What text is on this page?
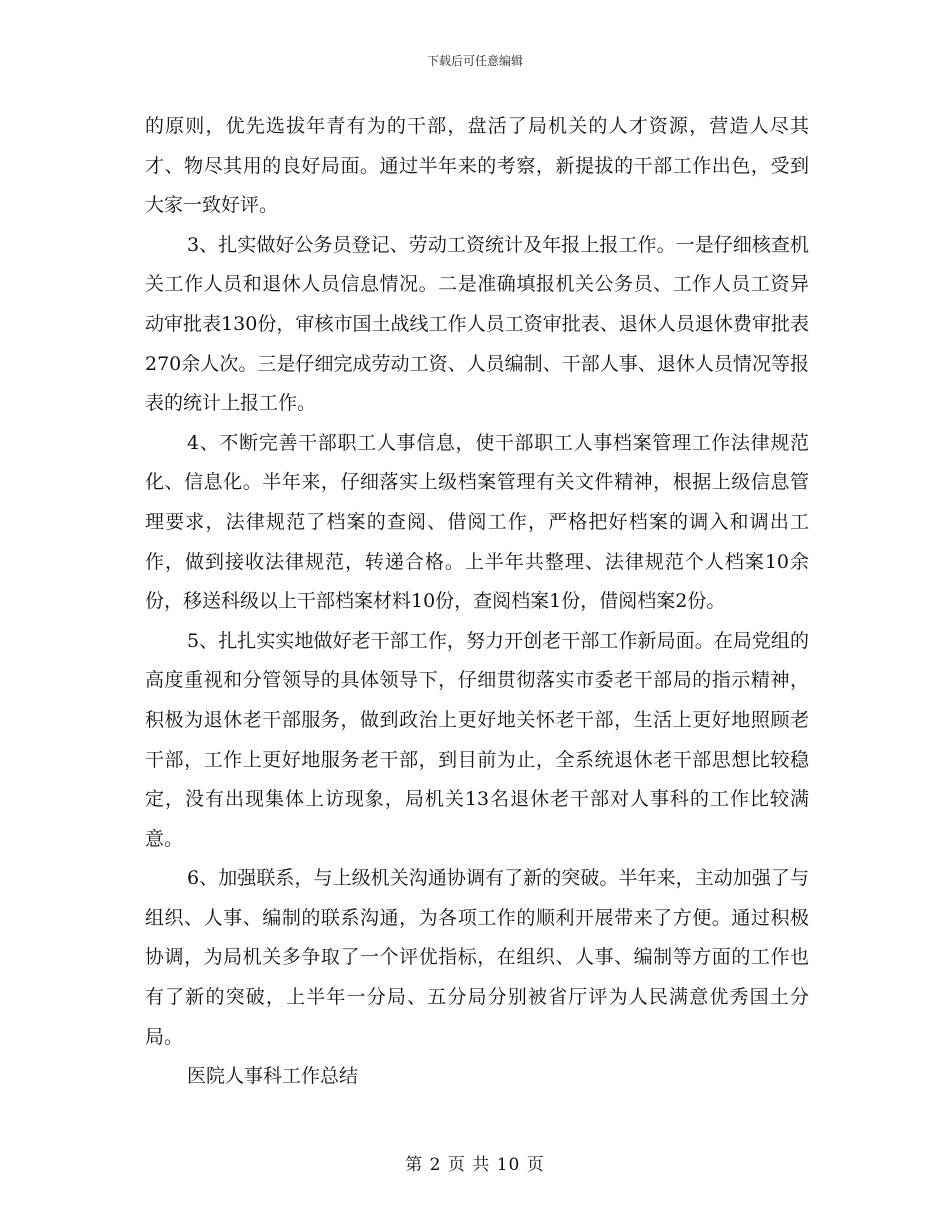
下载后可任意编辑

的原则，优先选拔年青有为的干部，盘活了局机关的人才资源，营造人尽其才、物尽其用的良好局面。通过半年来的考察，新提拔的干部工作出色，受到大家一致好评。

3、扎实做好公务员登记、劳动工资统计及年报上报工作。一是仔细核查机关工作人员和退休人员信息情况。二是准确填报机关公务员、工作人员工资异动审批表130份，审核市国土战线工作人员工资审批表、退休人员退休费审批表270余人次。三是仔细完成劳动工资、人员编制、干部人事、退休人员情况等报表的统计上报工作。

4、不断完善干部职工人事信息，使干部职工人事档案管理工作法律规范化、信息化。半年来，仔细落实上级档案管理有关文件精神，根据上级信息管理要求，法律规范了档案的查阅、借阅工作，严格把好档案的调入和调出工作，做到接收法律规范，转递合格。上半年共整理、法律规范个人档案10余份，移送科级以上干部档案材料10份，查阅档案1份，借阅档案2份。

5、扎扎实实地做好老干部工作，努力开创老干部工作新局面。在局党组的高度重视和分管领导的具体领导下，仔细贯彻落实市委老干部局的指示精神，积极为退休老干部服务，做到政治上更好地关怀老干部，生活上更好地照顾老干部，工作上更好地服务老干部，到目前为止，全系统退休老干部思想比较稳定，没有出现集体上访现象，局机关13名退休老干部对人事科的工作比较满意。

6、加强联系，与上级机关沟通协调有了新的突破。半年来，主动加强了与组织、人事、编制的联系沟通，为各项工作的顺利开展带来了方便。通过积极协调，为局机关多争取了一个评优指标，在组织、人事、编制等方面的工作也有了新的突破，上半年一分局、五分局分别被省厅评为人民满意优秀国土分局。

医院人事科工作总结

第 2 页 共 10 页
